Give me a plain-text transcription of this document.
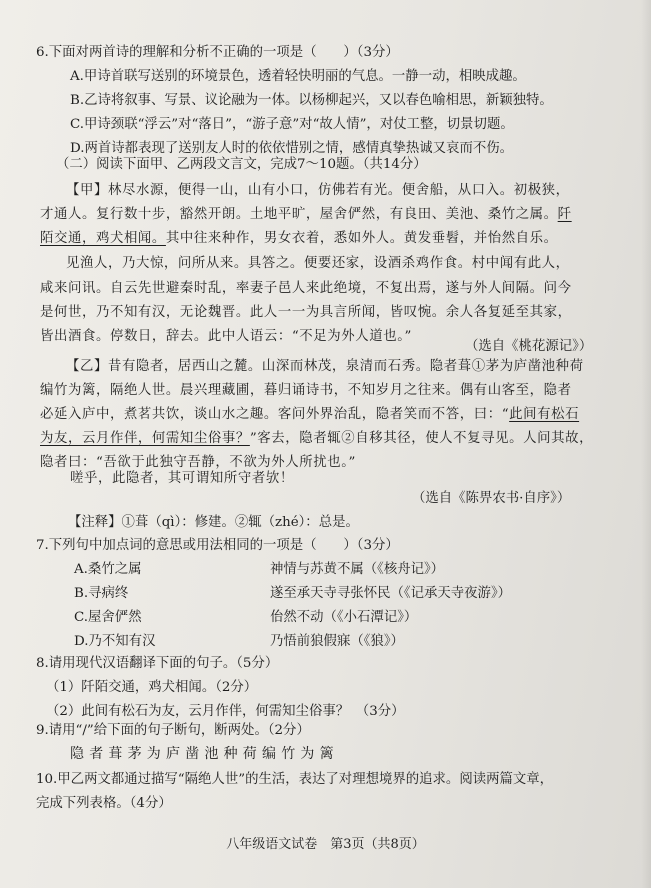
6.下面对两首诗的理解和分析不正确的一项是（　　）（3分）
A.甲诗首联写送别的环境景色，透着轻快明丽的气息。一静一动，相映成趣。
B.乙诗将叙事、写景、议论融为一体。以杨柳起兴，又以春色喻相思，新颖独特。
C.甲诗颈联“浮云”对“落日”，“游子意”对“故人情”，对仗工整，切景切题。
D.两首诗都表现了送别友人时的依依惜别之情，感情真挚热诚又哀而不伤。
（二）阅读下面甲、乙两段文言文，完成7～10题。（共14分）
【甲】林尽水源，便得一山，山有小口，仿佛若有光。便舍船，从口入。初极狭，
才通人。复行数十步，豁然开朗。土地平旷，屋舍俨然，有良田、美池、桑竹之属。阡
陌交通，鸡犬相闻。其中往来种作，男女衣着，悉如外人。黄发垂髫，并怡然自乐。
见渔人，乃大惊，问所从来。具答之。便要还家，设酒杀鸡作食。村中闻有此人，
咸来问讯。自云先世避秦时乱，率妻子邑人来此绝境，不复出焉，遂与外人间隔。问今
是何世，乃不知有汉，无论魏晋。此人一一为具言所闻，皆叹惋。余人各复延至其家，
皆出酒食。停数日，辞去。此中人语云：“不足为外人道也。”
（选自《桃花源记》）
【乙】昔有隐者，居西山之麓。山深而林茂，泉清而石秀。隐者葺①茅为庐凿池种荷
编竹为篱，隔绝人世。晨兴理藏圃，暮归诵诗书，不知岁月之往来。偶有山客至，隐者
必延入庐中，煮茗共饮，谈山水之趣。客问外界治乱，隐者笑而不答，曰：“此间有松石
为友，云月作伴，何需知尘俗事？”客去，隐者辄②自移其径，使人不复寻见。人问其故，
隐者曰：“吾欲于此独守吾静，不欲为外人所扰也。”
嗟乎，此隐者，其可谓知所守者欤！
（选自《陈畀农书·自序》）
【注释】①葺（qì）：修建。②辄（zhé）：总是。
7.下列句中加点词的意思或用法相同的一项是（　　）（3分）
A.桑竹之属	神情与苏黄不属（《核舟记》）
B.寻病终	遂至承天寺寻张怀民（《记承天寺夜游》）
C.屋舍俨然	佁然不动（《小石潭记》）
D.乃不知有汉	乃悟前狼假寐（《狼》）
8.请用现代汉语翻译下面的句子。（5分）
（1）阡陌交通，鸡犬相闻。（2分）
（2）此间有松石为友，云月作伴，何需知尘俗事？　（3分）
9.请用“/”给下面的句子断句，断两处。（2分）
隐者葺茅为庐凿池种荷编竹为篱
10.甲乙两文都通过描写“隔绝人世”的生活，表达了对理想境界的追求。阅读两篇文章，
完成下列表格。（4分）
八年级语文试卷　第3页（共8页）
